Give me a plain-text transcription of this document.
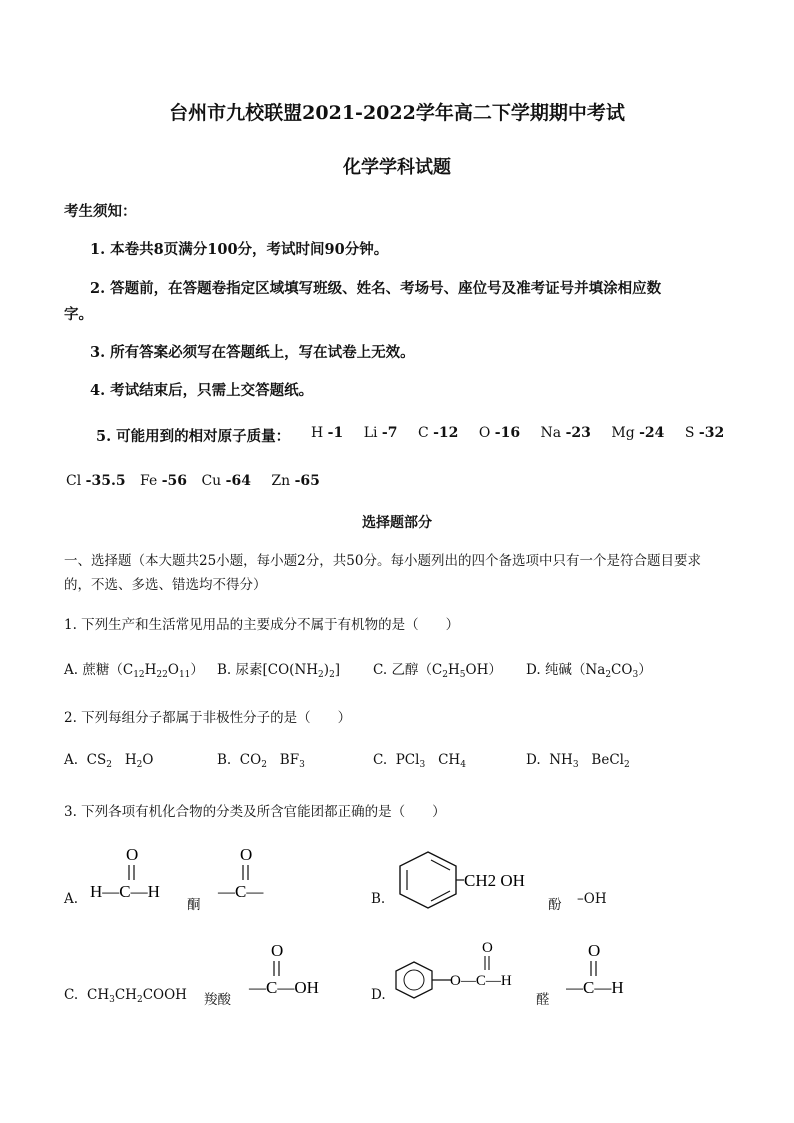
台州市九校联盟2021-2022学年高二下学期期中考试
化学学科试题
考生须知：
1. 本卷共8页满分100分，考试时间90分钟。
2. 答题前，在答题卷指定区域填写班级、姓名、考场号、座位号及准考证号并填涂相应数
字。
3. 所有答案必须写在答题纸上，写在试卷上无效。
4. 考试结束后，只需上交答题纸。
5. 可能用到的相对原子质量： H -1 Li -7 C -12 O -16 Na -23 Mg -24 S -32
Cl -35.5 Fe -56 Cu -64 Zn -65
选择题部分
一、选择题（本大题共25小题，每小题2分，共50分。每小题列出的四个备选项中只有一个是符合题目要求
的，不选、多选、错选均不得分）
1. 下列生产和生活常见用品的主要成分不属于有机物的是（　　）
A. 蔗糖$(C_{12}H_{22}O_{11})$ B. 尿素$[CO(NH_2)_2]$ C. 乙醇$(C_2H_5OH)$ D. 纯碱$(Na_2CO_3)$
2. 下列每组分子都属于非极性分子的是（　　）
A.  $CS_2$   $H_2O$	B.  $CO_2$   $BF_3$	C.  PCl$_3$   $CH_4$	D.  $NH_3$   BeCl$_2$
3. 下列各项有机化合物的分类及所含官能团都正确的是（　　）
A.
O
H—C—H
酮
O
—C—	B.
CH2 OH
酚 –OH
C. $CH_3CH_2COOH$ 羧酸
O
—C—OH	D.
O
O—C—H
醛
O
—C—H
